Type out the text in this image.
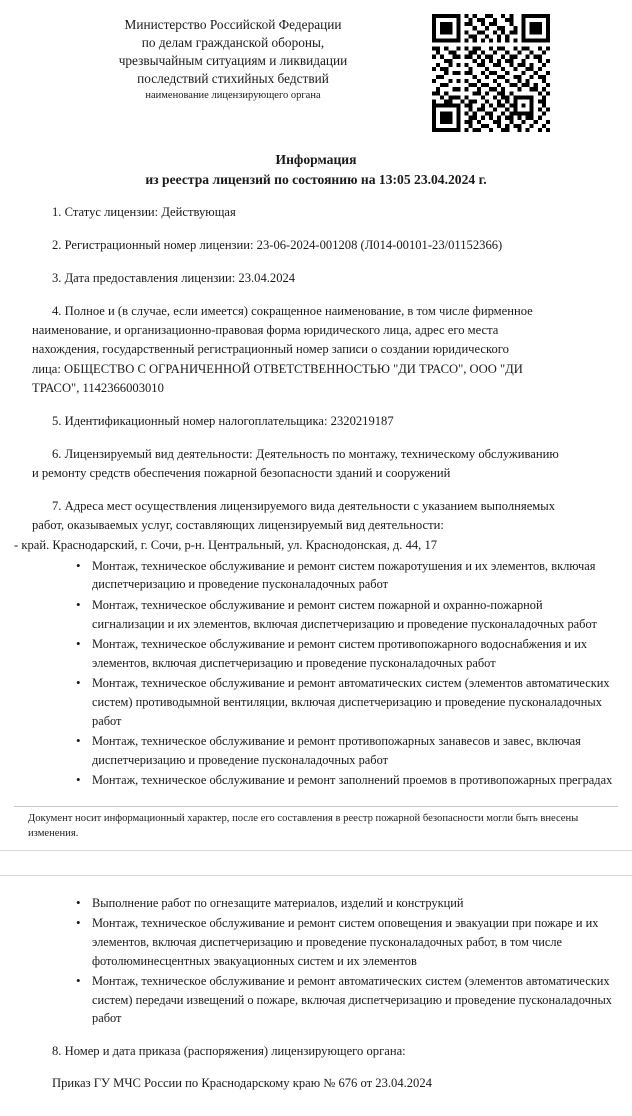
Министерство Российской Федерации
по делам гражданской обороны,
чрезвычайным ситуациям и ликвидации
последствий стихийных бедствий
наименование лицензирующего органа
Информация
из реестра лицензий по состоянию на 13:05 23.04.2024 г.

1. Статус лицензии: Действующая

2. Регистрационный номер лицензии: 23-06-2024-001208 (Л014-00101-23/01152366)

3. Дата предоставления лицензии: 23.04.2024

4. Полное и (в случае, если имеется) сокращенное наименование, в том числе фирменное

наименование, и организационно-правовая форма юридического лица, адрес его места

нахождения, государственный регистрационный номер записи о создании юридического

лица: ОБЩЕСТВО С ОГРАНИЧЕННОЙ ОТВЕТСТВЕННОСТЬЮ "ДИ ТРАСО", ООО "ДИ

ТРАСО", 1142366003010

5. Идентификационный номер налогоплательщика: 2320219187

6. Лицензируемый вид деятельности: Деятельность по монтажу, техническому обслуживанию

и ремонту средств обеспечения пожарной безопасности зданий и сооружений

7. Адреса мест осуществления лицензируемого вида деятельности с указанием выполняемых

работ, оказываемых услуг, составляющих лицензируемый вид деятельности:

- край. Краснодарский, г. Сочи, р-н. Центральный, ул. Краснодонская, д. 44, 17

• Монтаж, техническое обслуживание и ремонт систем пожаротушения и их элементов, включая диспетчеризацию и проведение пусконаладочных работ
• Монтаж, техническое обслуживание и ремонт систем пожарной и охранно-пожарной сигнализации и их элементов, включая диспетчеризацию и проведение пусконаладочных работ
• Монтаж, техническое обслуживание и ремонт систем противопожарного водоснабжения и их элементов, включая диспетчеризацию и проведение пусконаладочных работ
• Монтаж, техническое обслуживание и ремонт автоматических систем (элементов автоматических систем) противодымной вентиляции, включая диспетчеризацию и проведение пусконаладочных работ
• Монтаж, техническое обслуживание и ремонт противопожарных занавесов и завес, включая диспетчеризацию и проведение пусконаладочных работ
• Монтаж, техническое обслуживание и ремонт заполнений проемов в противопожарных преградах
Документ носит информационный характер, после его составления в реестр пожарной безопасности могли быть внесены изменения.
• Выполнение работ по огнезащите материалов, изделий и конструкций
• Монтаж, техническое обслуживание и ремонт систем оповещения и эвакуации при пожаре и их элементов, включая диспетчеризацию и проведение пусконаладочных работ, в том числе фотолюминесцентных эвакуационных систем и их элементов
• Монтаж, техническое обслуживание и ремонт автоматических систем (элементов автоматических систем) передачи извещений о пожаре, включая диспетчеризацию и проведение пусконаладочных работ

8. Номер и дата приказа (распоряжения) лицензирующего органа:

Приказ ГУ МЧС России по Краснодарскому краю № 676 от 23.04.2024
